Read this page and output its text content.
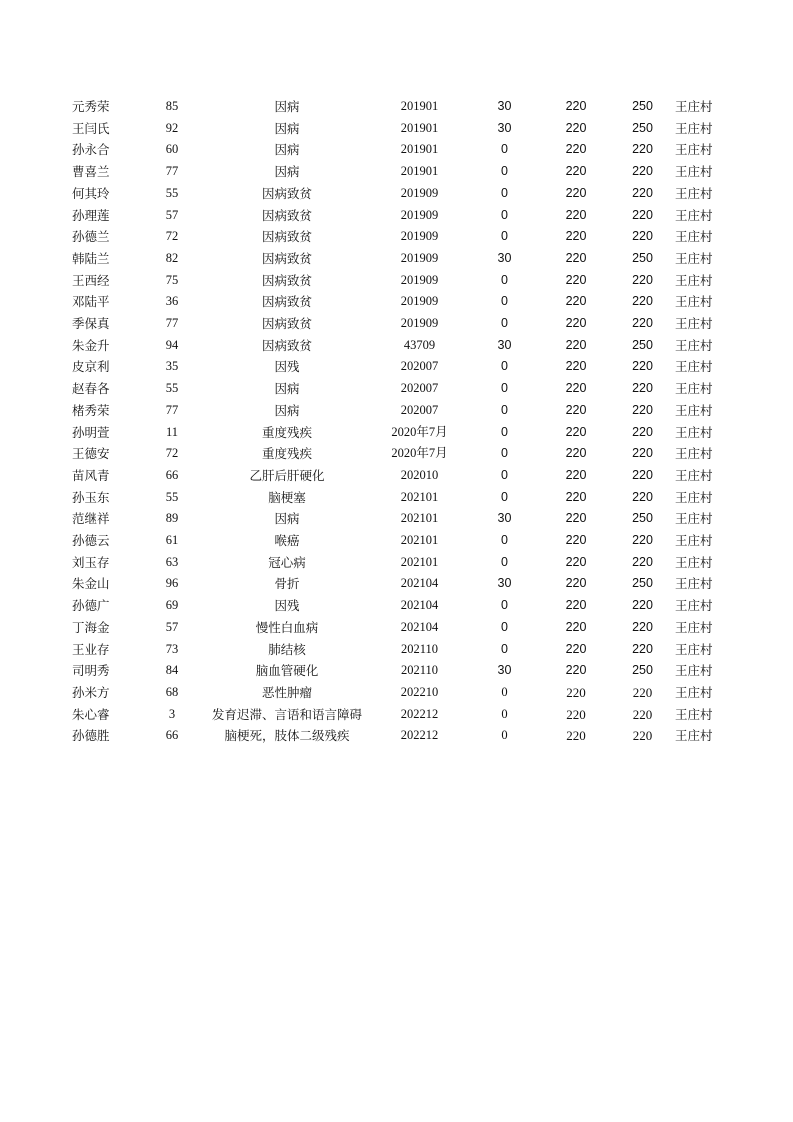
元秀荣	85	因病	201901	30	220	250	王庄村
王闫氏	92	因病	201901	30	220	250	王庄村
孙永合	60	因病	201901	0	220	220	王庄村
曹喜兰	77	因病	201901	0	220	220	王庄村
何其玲	55	因病致贫	201909	0	220	220	王庄村
孙理莲	57	因病致贫	201909	0	220	220	王庄村
孙德兰	72	因病致贫	201909	0	220	220	王庄村
韩陆兰	82	因病致贫	201909	30	220	250	王庄村
王西经	75	因病致贫	201909	0	220	220	王庄村
邓陆平	36	因病致贫	201909	0	220	220	王庄村
季保真	77	因病致贫	201909	0	220	220	王庄村
朱金升	94	因病致贫	43709	30	220	250	王庄村
皮京利	35	因残	202007	0	220	220	王庄村
赵春各	55	因病	202007	0	220	220	王庄村
楮秀荣	77	因病	202007	0	220	220	王庄村
孙明萱	11	重度残疾	2020年7月	0	220	220	王庄村
王德安	72	重度残疾	2020年7月	0	220	220	王庄村
苗风青	66	乙肝后肝硬化	202010	0	220	220	王庄村
孙玉东	55	脑梗塞	202101	0	220	220	王庄村
范继祥	89	因病	202101	30	220	250	王庄村
孙德云	61	喉癌	202101	0	220	220	王庄村
刘玉存	63	冠心病	202101	0	220	220	王庄村
朱金山	96	骨折	202104	30	220	250	王庄村
孙德广	69	因残	202104	0	220	220	王庄村
丁海金	57	慢性白血病	202104	0	220	220	王庄村
王业存	73	肺结核	202110	0	220	220	王庄村
司明秀	84	脑血管硬化	202110	30	220	250	王庄村
孙米方	68	恶性肿瘤	202210	0	220	220	王庄村
朱心睿	3	发育迟滞、言语和语言障碍	202212	0	220	220	王庄村
孙德胜	66	脑梗死，肢体二级残疾	202212	0	220	220	王庄村
